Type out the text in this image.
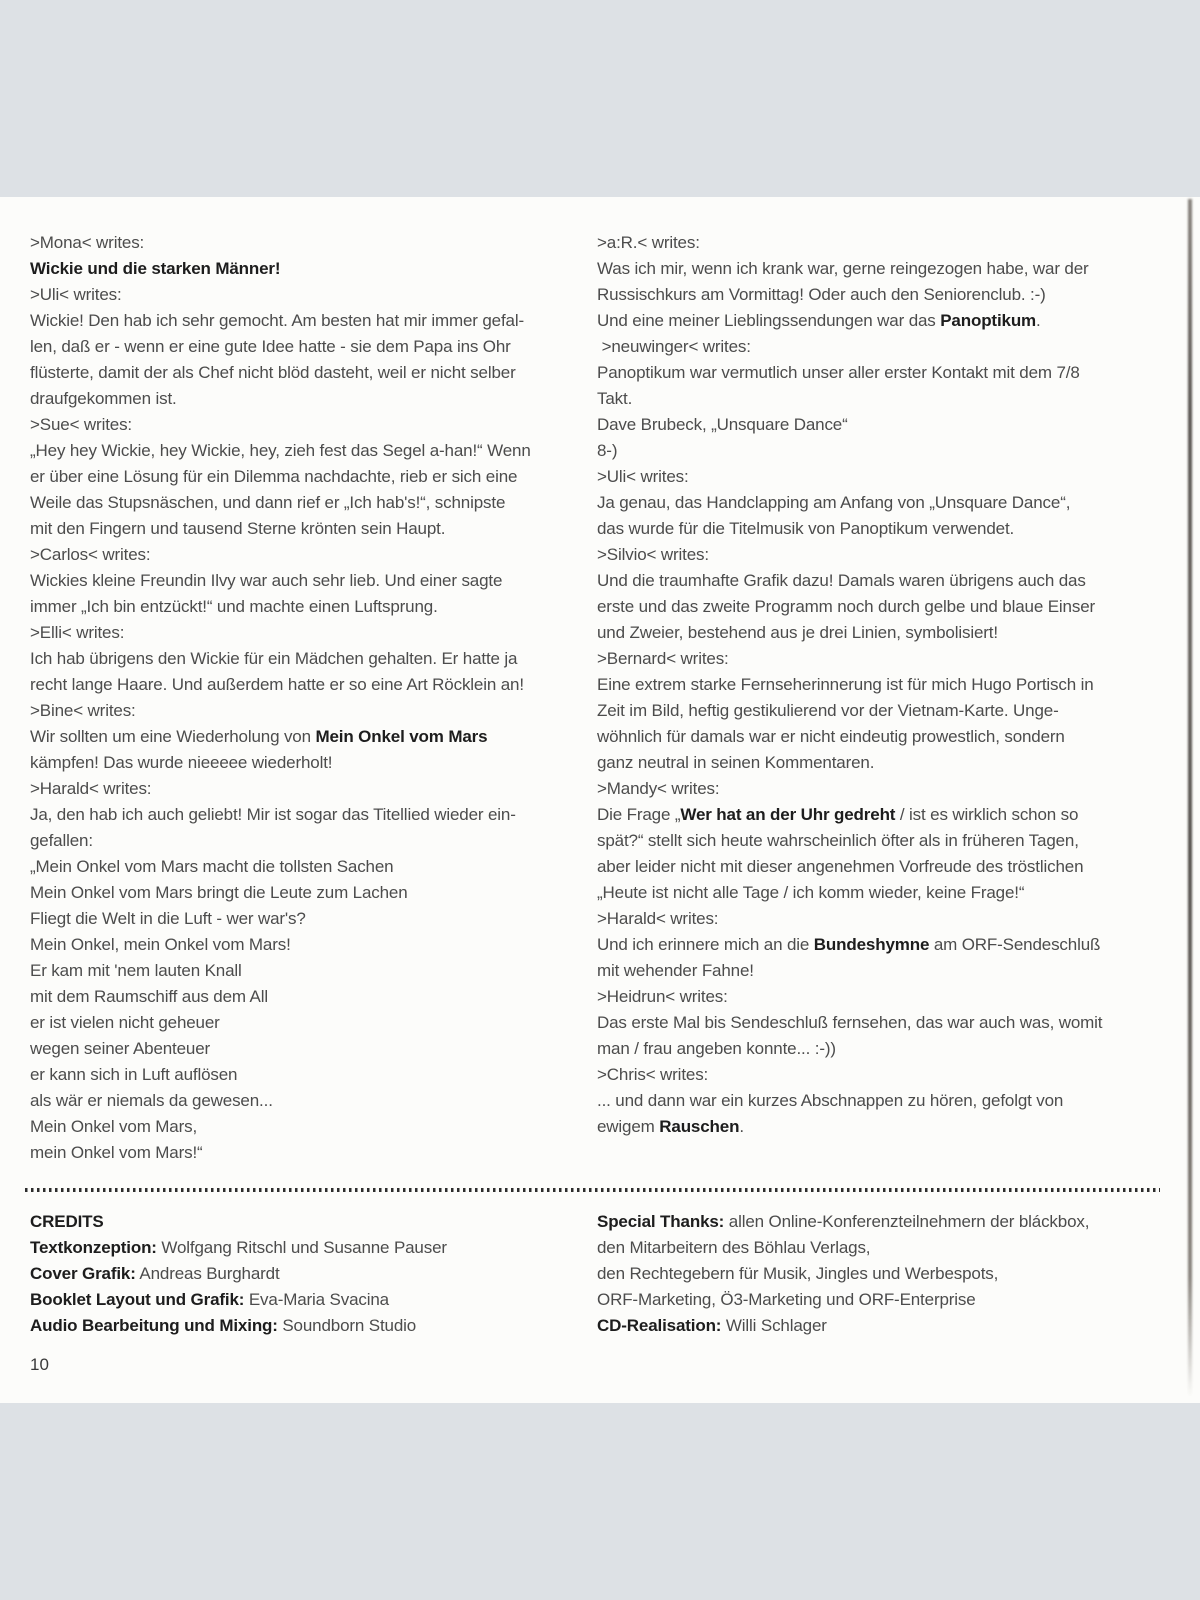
>Mona< writes:
Wickie und die starken Männer!
>Uli< writes:
Wickie! Den hab ich sehr gemocht. Am besten hat mir immer gefal-
len, daß er - wenn er eine gute Idee hatte - sie dem Papa ins Ohr
flüsterte, damit der als Chef nicht blöd dasteht, weil er nicht selber
draufgekommen ist.
>Sue< writes:
„Hey hey Wickie, hey Wickie, hey, zieh fest das Segel a-han!“ Wenn
er über eine Lösung für ein Dilemma nachdachte, rieb er sich eine
Weile das Stupsnäschen, und dann rief er „Ich hab's!“, schnipste
mit den Fingern und tausend Sterne krönten sein Haupt.
>Carlos< writes:
Wickies kleine Freundin Ilvy war auch sehr lieb. Und einer sagte
immer „Ich bin entzückt!“ und machte einen Luftsprung.
>Elli< writes:
Ich hab übrigens den Wickie für ein Mädchen gehalten. Er hatte ja
recht lange Haare. Und außerdem hatte er so eine Art Röcklein an!
>Bine< writes:
Wir sollten um eine Wiederholung von Mein Onkel vom Mars
kämpfen! Das wurde nieeeee wiederholt!
>Harald< writes:
Ja, den hab ich auch geliebt! Mir ist sogar das Titellied wieder ein-
gefallen:
„Mein Onkel vom Mars macht die tollsten Sachen
Mein Onkel vom Mars bringt die Leute zum Lachen
Fliegt die Welt in die Luft - wer war's?
Mein Onkel, mein Onkel vom Mars!
Er kam mit 'nem lauten Knall
mit dem Raumschiff aus dem All
er ist vielen nicht geheuer
wegen seiner Abenteuer
er kann sich in Luft auflösen
als wär er niemals da gewesen...
Mein Onkel vom Mars,
mein Onkel vom Mars!“
>a:R.< writes:
Was ich mir, wenn ich krank war, gerne reingezogen habe, war der
Russischkurs am Vormittag! Oder auch den Seniorenclub. :-)
Und eine meiner Lieblingssendungen war das Panoptikum.
>neuwinger< writes:
Panoptikum war vermutlich unser aller erster Kontakt mit dem 7/8
Takt.
Dave Brubeck, „Unsquare Dance“
8-)
>Uli< writes:
Ja genau, das Handclapping am Anfang von „Unsquare Dance“,
das wurde für die Titelmusik von Panoptikum verwendet.
>Silvio< writes:
Und die traumhafte Grafik dazu! Damals waren übrigens auch das
erste und das zweite Programm noch durch gelbe und blaue Einser
und Zweier, bestehend aus je drei Linien, symbolisiert!
>Bernard< writes:
Eine extrem starke Fernseherinnerung ist für mich Hugo Portisch in
Zeit im Bild, heftig gestikulierend vor der Vietnam-Karte. Unge-
wöhnlich für damals war er nicht eindeutig prowestlich, sondern
ganz neutral in seinen Kommentaren.
>Mandy< writes:
Die Frage „Wer hat an der Uhr gedreht / ist es wirklich schon so
spät?“ stellt sich heute wahrscheinlich öfter als in früheren Tagen,
aber leider nicht mit dieser angenehmen Vorfreude des tröstlichen
„Heute ist nicht alle Tage / ich komm wieder, keine Frage!“
>Harald< writes:
Und ich erinnere mich an die Bundeshymne am ORF-Sendeschluß
mit wehender Fahne!
>Heidrun< writes:
Das erste Mal bis Sendeschluß fernsehen, das war auch was, womit
man / frau angeben konnte... :-))
>Chris< writes:
... und dann war ein kurzes Abschnappen zu hören, gefolgt von
ewigem Rauschen.
CREDITS
Textkonzeption: Wolfgang Ritschl und Susanne Pauser
Cover Grafik: Andreas Burghardt
Booklet Layout und Grafik: Eva-Maria Svacina
Audio Bearbeitung und Mixing: Soundborn Studio
Special Thanks: allen Online-Konferenzteilnehmern der bláckbox,
den Mitarbeitern des Böhlau Verlags,
den Rechtegebern für Musik, Jingles und Werbespots,
ORF-Marketing, Ö3-Marketing und ORF-Enterprise
CD-Realisation: Willi Schlager
10
